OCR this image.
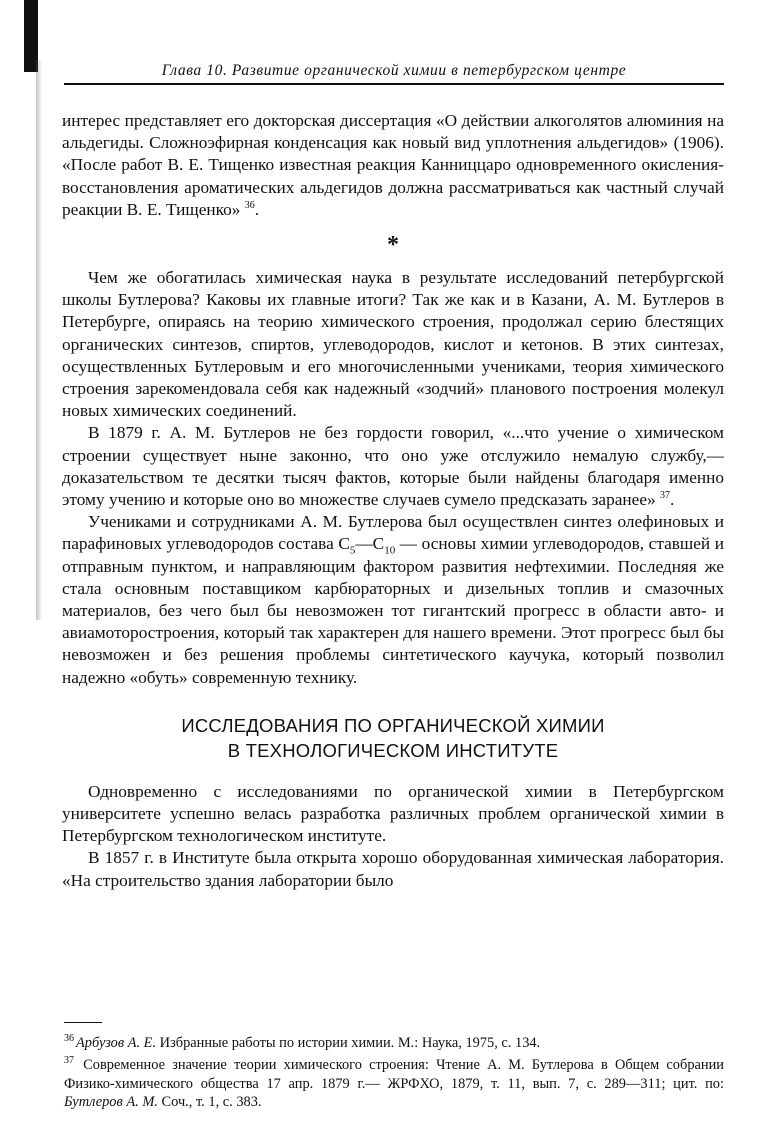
Глава 10. Развитие органической химии в петербургском центре

интерес представляет его докторская диссертация «О действии алкоголятов алюминия на альдегиды. Сложноэфирная конденсация как новый вид уплотнения альдегидов» (1906). «После работ В. Е. Тищенко известная реакция Канниццаро одновременного окисления-восстановления ароматических альдегидов должна рассматриваться как частный случай реакции В. Е. Тищенко» $^{36}$.

*

Чем же обогатилась химическая наука в результате исследований петербургской школы Бутлерова? Каковы их главные итоги? Так же как и в Казани, А. М. Бутлеров в Петербурге, опираясь на теорию химического строения, продолжал серию блестящих органических синтезов, спиртов, углеводородов, кислот и кетонов. В этих синтезах, осуществленных Бутлеровым и его многочисленными учениками, теория химического строения зарекомендовала себя как надежный «зодчий» планового построения молекул новых химических соединений.

В 1879 г. А. М. Бутлеров не без гордости говорил, «...что учение о химическом строении существует ныне законно, что оно уже отслужило немалую службу,— доказательством те десятки тысяч фактов, которые были найдены благодаря именно этому учению и которые оно во множестве случаев сумело предсказать заранее» $^{37}$.

Учениками и сотрудниками А. М. Бутлерова был осуществлен синтез олефиновых и парафиновых углеводородов состава $C_5—C_{10}$ — основы химии углеводородов, ставшей и отправным пунктом, и направляющим фактором развития нефтехимии. Последняя же стала основным поставщиком карбюраторных и дизельных топлив и смазочных материалов, без чего был бы невозможен тот гигантский прогресс в области авто- и авиамоторостроения, который так характерен для нашего времени. Этот прогресс был бы невозможен и без решения проблемы синтетического каучука, который позволил надежно «обуть» современную технику.

ИССЛЕДОВАНИЯ ПО ОРГАНИЧЕСКОЙ ХИМИИ
В ТЕХНОЛОГИЧЕСКОМ ИНСТИТУТЕ

Одновременно с исследованиями по органической химии в Петербургском университете успешно велась разработка различных проблем органической химии в Петербургском технологическом институте.

В 1857 г. в Институте была открыта хорошо оборудованная химическая лаборатория. «На строительство здания лаборатории было

$^{36}$ Арбузов А. Е. Избранные работы по истории химии. М.: Наука, 1975, с. 134.

$^{37}$ Современное значение теории химического строения: Чтение А. М. Бутлерова в Общем собрании Физико-химического общества 17 апр. 1879 г.— ЖРФХО, 1879, т. 11, вып. 7, с. 289—311; цит. по: Бутлеров А. М. Соч., т. 1, с. 383.
